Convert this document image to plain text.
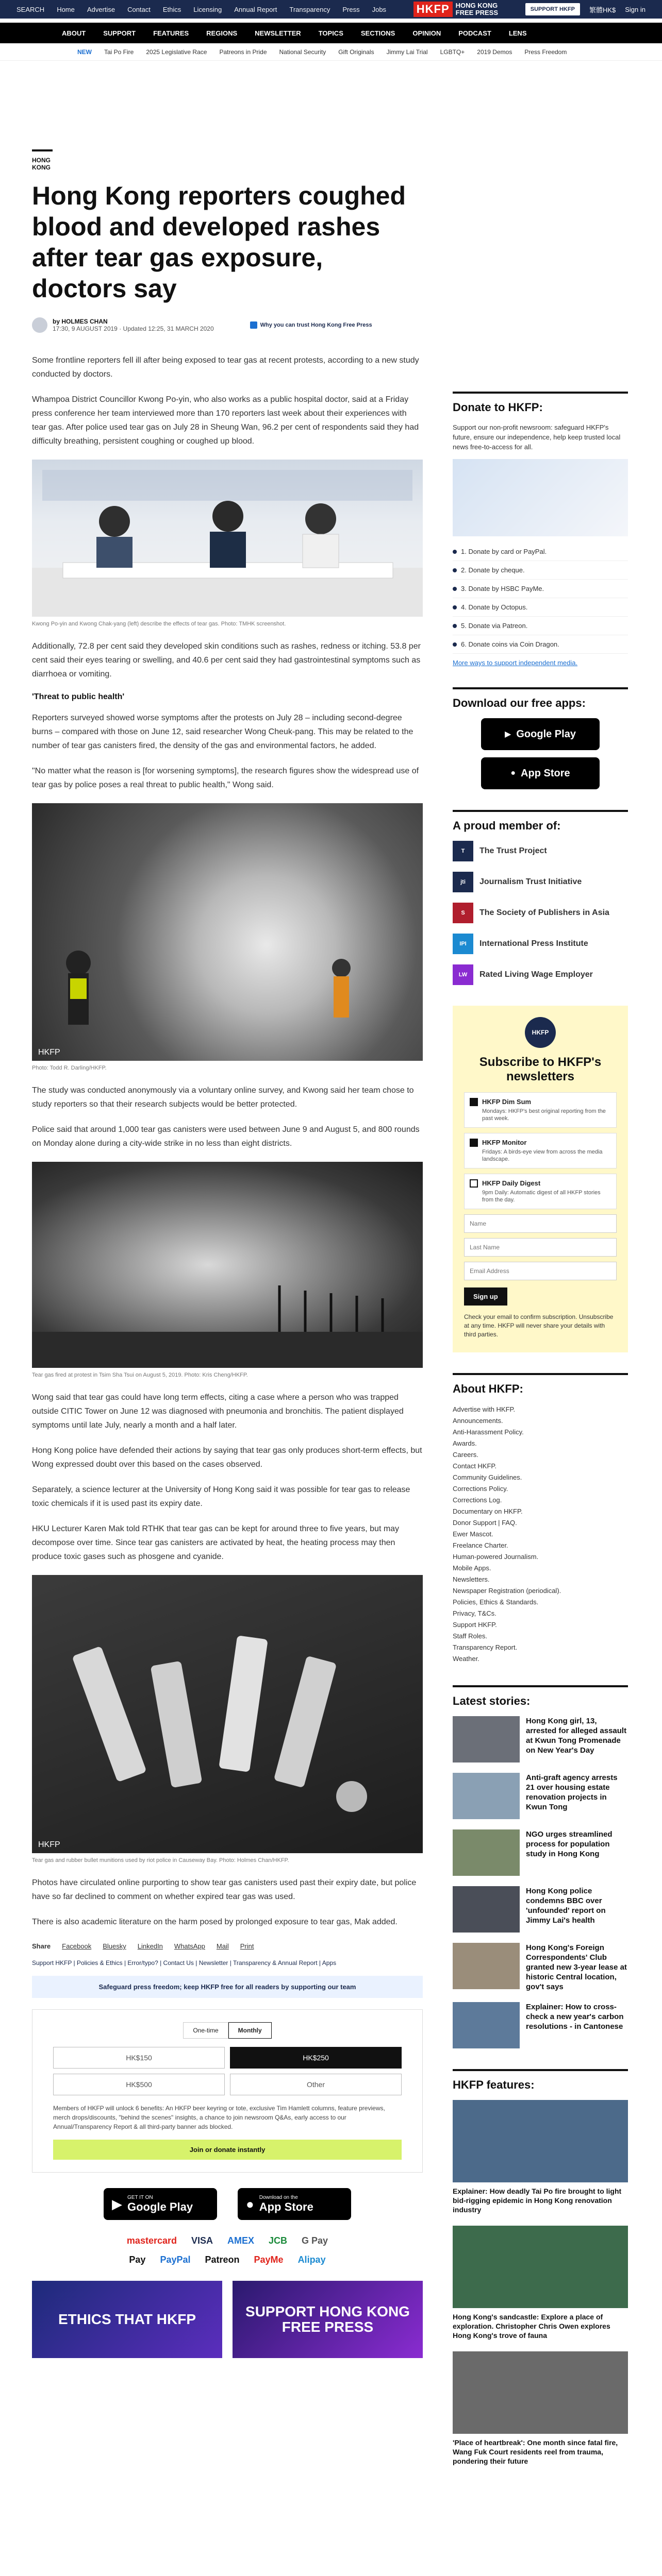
SEARCH Home Advertise Contact Ethics Licensing Annual Report Transparency Press Jobs	HKFP HONG KONG
FREE PRESS	SUPPORT HKFP	繁體HK$ Sign in
ABOUT	SUPPORT	FEATURES	REGIONS	NEWSLETTER	TOPICS	SECTIONS	OPINION	PODCAST	LENS
NEW Tai Po Fire 2025 Legislative Race Patreons in Pride National Security Gift Originals Jimmy Lai Trial LGBTQ+ 2019 Demos Press Freedom
HONG KONG
Hong Kong reporters coughed blood and developed rashes after tear gas exposure, doctors say
by HOLMES CHAN
17:30, 9 AUGUST 2019 · Updated 12:25, 31 MARCH 2020	Why you can trust Hong Kong Free Press

Some frontline reporters fell ill after being exposed to tear gas at recent protests, according to a new study conducted by doctors.

Whampoa District Councillor Kwong Po-yin, who also works as a public hospital doctor, said at a Friday press conference her team interviewed more than 170 reporters last week about their experiences with tear gas. After police used tear gas on July 28 in Sheung Wan, 96.2 per cent of respondents said they had difficulty breathing, persistent coughing or coughed up blood.

Kwong Po-yin and Kwong Chak-yang (left) describe the effects of tear gas. Photo: TMHK screenshot.

Additionally, 72.8 per cent said they developed skin conditions such as rashes, redness or itching. 53.8 per cent said their eyes tearing or swelling, and 40.6 per cent said they had gastrointestinal symptoms such as diarrhoea or vomiting.

'Threat to public health'

Reporters surveyed showed worse symptoms after the protests on July 28 – including second-degree burns – compared with those on June 12, said researcher Wong Cheuk-pang. This may be related to the number of tear gas canisters fired, the density of the gas and environmental factors, he added.

"No matter what the reason is [for worsening symptoms], the research figures show the widespread use of tear gas by police poses a real threat to public health," Wong said.

HKFP
Photo: Todd R. Darling/HKFP.

The study was conducted anonymously via a voluntary online survey, and Kwong said her team chose to study reporters so that their research subjects would be better protected.

Police said that around 1,000 tear gas canisters were used between June 9 and August 5, and 800 rounds on Monday alone during a city-wide strike in no less than eight districts.

Tear gas fired at protest in Tsim Sha Tsui on August 5, 2019. Photo: Kris Cheng/HKFP.

Wong said that tear gas could have long term effects, citing a case where a person who was trapped outside CITIC Tower on June 12 was diagnosed with pneumonia and bronchitis. The patient displayed symptoms until late July, nearly a month and a half later.

Hong Kong police have defended their actions by saying that tear gas only produces short-term effects, but Wong expressed doubt over this based on the cases observed.

Separately, a science lecturer at the University of Hong Kong said it was possible for tear gas to release toxic chemicals if it is used past its expiry date.

HKU Lecturer Karen Mak told RTHK that tear gas can be kept for around three to five years, but may decompose over time. Since tear gas canisters are activated by heat, the heating process may then produce toxic gases such as phosgene and cyanide.

HKFP
Tear gas and rubber bullet munitions used by riot police in Causeway Bay. Photo: Holmes Chan/HKFP.

Photos have circulated online purporting to show tear gas canisters used past their expiry date, but police have so far declined to comment on whether expired tear gas was used.

There is also academic literature on the harm posed by prolonged exposure to tear gas, Mak added.

Share Facebook Bluesky LinkedIn WhatsApp Mail Print
Support HKFP | Policies & Ethics | Error/typo? | Contact Us | Newsletter | Transparency & Annual Report | Apps
Safeguard press freedom; keep HKFP free for all readers by supporting our team
One-time	Monthly
HK$150	HK$250
HK$500	Other
Members of HKFP will unlock 6 benefits: An HKFP beer keyring or tote, exclusive Tim Hamlett columns, feature previews, merch drops/discounts, "behind the scenes" insights, a chance to join newsroom Q&As, early access to our Annual/Transparency Report & all third-party banner ads blocked.
Join or donate instantly
▶ GET IT ON
Google Play	● Download on the
App Store
mastercard VISA AMEX JCB G Pay
Pay PayPal Patreon PayMe Alipay
ETHICS THAT HKFP	SUPPORT HONG KONG FREE PRESS
Donate to HKFP:
Support our non-profit newsroom: safeguard HKFP's future, ensure our independence, help keep trusted local news free-to-access for all.
1. Donate by card or PayPal.
2. Donate by cheque.
3. Donate by HSBC PayMe.
4. Donate by Octopus.
5. Donate via Patreon.
6. Donate coins via Coin Dragon.
More ways to support independent media.
Download our free apps:
▶ Google Play
● App Store
A proud member of:
T	The Trust Project
jti	Journalism Trust Initiative
S	The Society of Publishers in Asia
IPI	International Press Institute
LW	Rated Living Wage Employer
HKFP
Subscribe to HKFP's newsletters
HKFP Dim Sum
Mondays: HKFP's best original reporting from the past week.
HKFP Monitor
Fridays: A birds-eye view from across the media landscape.
HKFP Daily Digest
9pm Daily: Automatic digest of all HKFP stories from the day.
Name
Last Name
Email Address Sign up
Check your email to confirm subscription. Unsubscribe at any time. HKFP will never share your details with third parties.
About HKFP:
Advertise with HKFP.
Announcements.
Anti-Harassment Policy.
Awards.
Careers.
Contact HKFP.
Community Guidelines.
Corrections Policy.
Corrections Log.
Documentary on HKFP.
Donor Support | FAQ.
Ewer Mascot.
Freelance Charter.
Human-powered Journalism.
Mobile Apps.
Newsletters.
Newspaper Registration (periodical).
Policies, Ethics & Standards.
Privacy, T&Cs.
Support HKFP.
Staff Roles.
Transparency Report.
Weather.
Latest stories:
Hong Kong girl, 13, arrested for alleged assault at Kwun Tong Promenade on New Year's Day
Anti-graft agency arrests 21 over housing estate renovation projects in Kwun Tong
NGO urges streamlined process for population study in Hong Kong
Hong Kong police condemns BBC over 'unfounded' report on Jimmy Lai's health
Hong Kong's Foreign Correspondents' Club granted new 3-year lease at historic Central location, gov't says
Explainer: How to cross-check a new year's carbon resolutions - in Cantonese
HKFP features:
Explainer: How deadly Tai Po fire brought to light bid-rigging epidemic in Hong Kong renovation industry
Hong Kong's sandcastle: Explore a place of exploration. Christopher Chris Owen explores Hong Kong's trove of fauna
'Place of heartbreak': One month since fatal fire, Wang Fuk Court residents reel from trauma, pondering their future
